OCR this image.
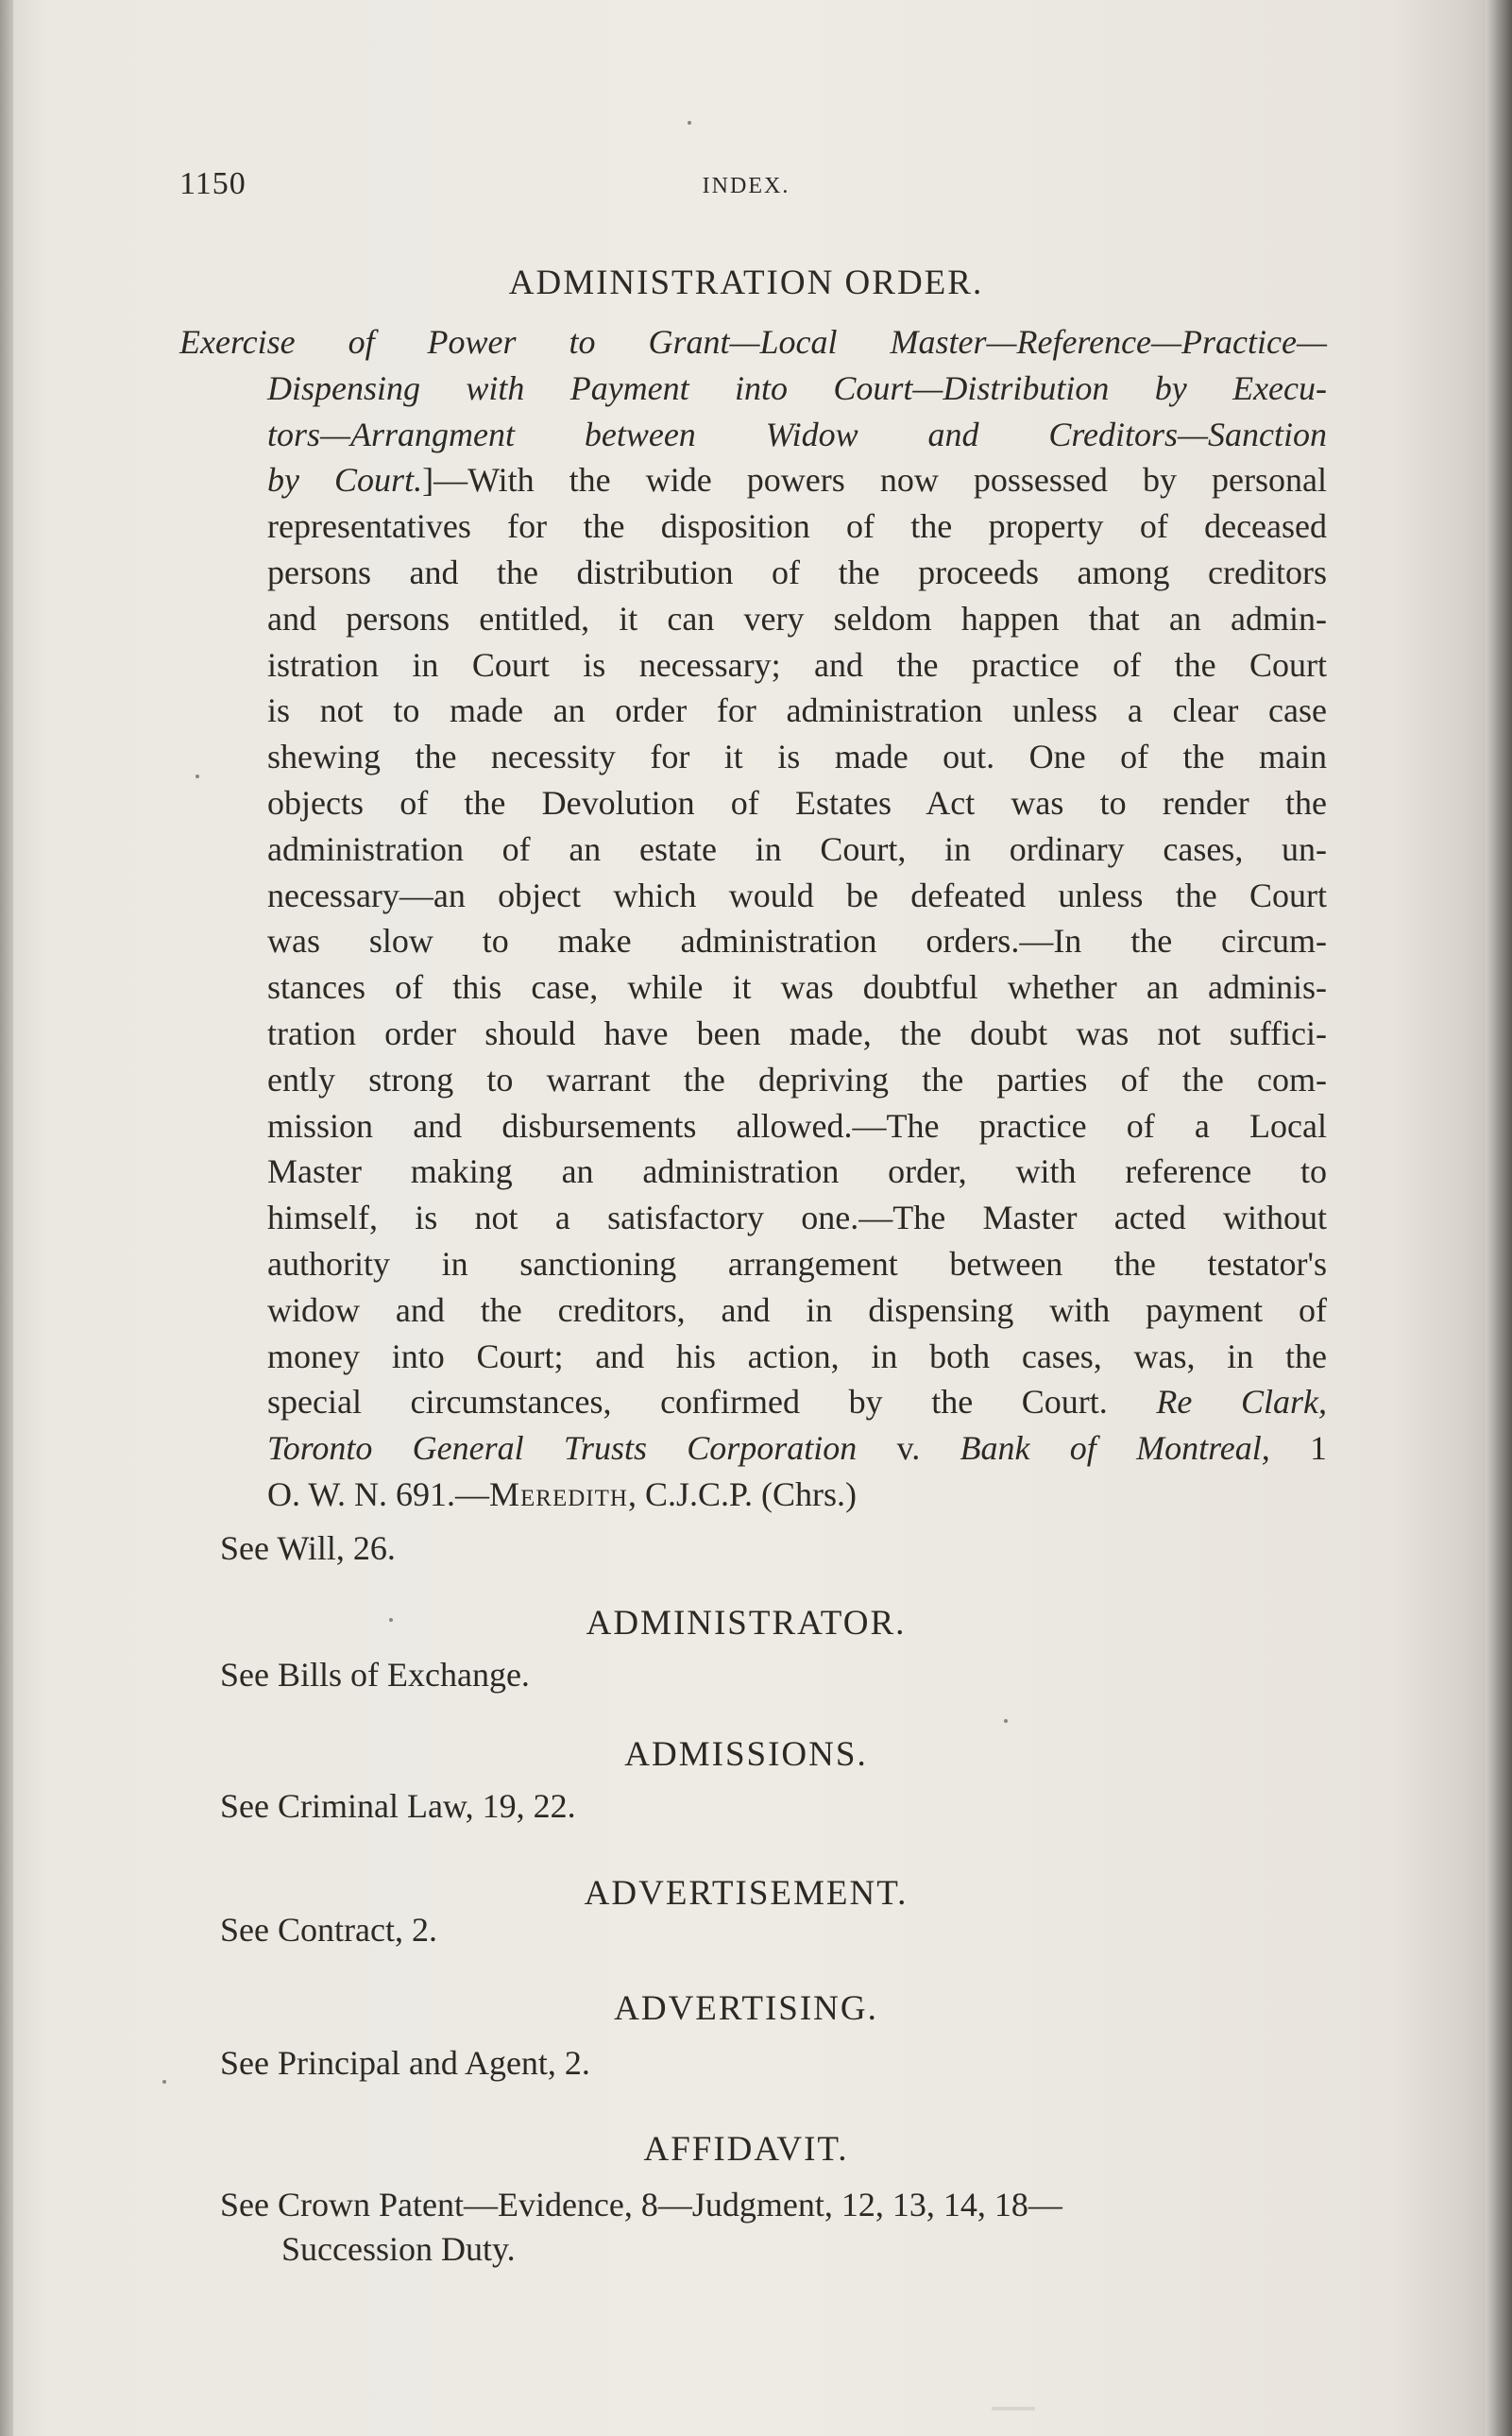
1150	INDEX.
ADMINISTRATION ORDER.
Exercise of Power to Grant—Local Master—Reference—Practice—
Dispensing with Payment into Court—Distribution by Execu-
tors—Arrangment between Widow and Creditors—Sanction
by Court.]—With the wide powers now possessed by personal
representatives for the disposition of the property of deceased
persons and the distribution of the proceeds among creditors
and persons entitled, it can very seldom happen that an admin-
istration in Court is necessary; and the practice of the Court
is not to made an order for administration unless a clear case
shewing the necessity for it is made out. One of the main
objects of the Devolution of Estates Act was to render the
administration of an estate in Court, in ordinary cases, un-
necessary—an object which would be defeated unless the Court
was slow to make administration orders.—In the circum-
stances of this case, while it was doubtful whether an adminis-
tration order should have been made, the doubt was not suffici-
ently strong to warrant the depriving the parties of the com-
mission and disbursements allowed.—The practice of a Local
Master making an administration order, with reference to
himself, is not a satisfactory one.—The Master acted without
authority in sanctioning arrangement between the testator's
widow and the creditors, and in dispensing with payment of
money into Court; and his action, in both cases, was, in the
special circumstances, confirmed by the Court. Re Clark,
Toronto General Trusts Corporation v. Bank of Montreal, 1
O. W. N. 691.—Meredith, C.J.C.P. (Chrs.)
See Will, 26.
ADMINISTRATOR.
See Bills of Exchange.
ADMISSIONS.
See Criminal Law, 19, 22.
ADVERTISEMENT.
See Contract, 2.
ADVERTISING.
See Principal and Agent, 2.
AFFIDAVIT.
See Crown Patent—Evidence, 8—Judgment, 12, 13, 14, 18—
Succession Duty.
